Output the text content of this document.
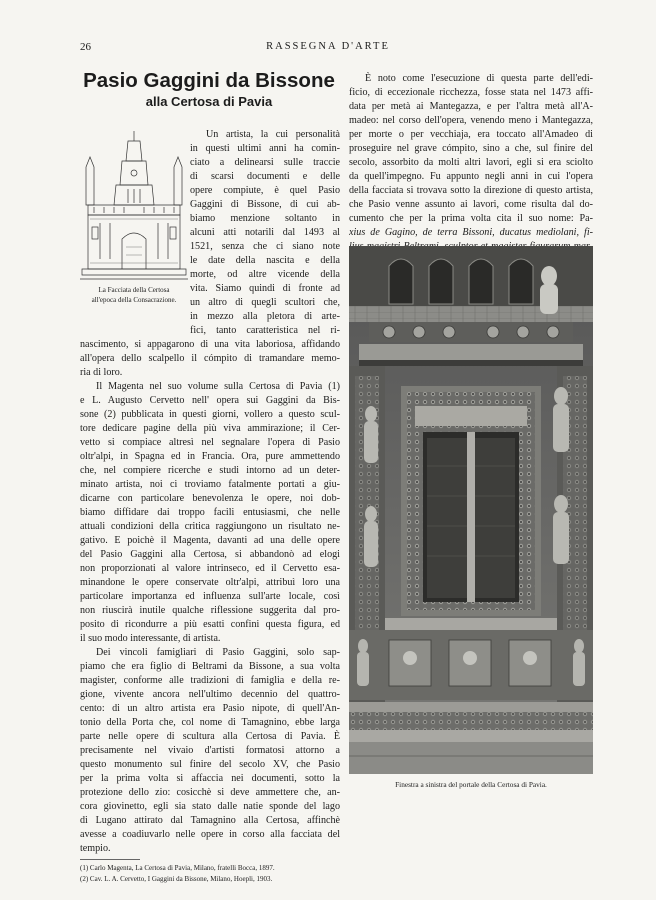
26	RASSEGNA D'ARTE
Pasio Gaggini da Bissone
alla Certosa di Pavia
La Facciata della Certosa
all'epoca della Consacrazione.
Un artista, la cui personalità
in questi ultimi anni ha comin-
ciato a delinearsi sulle traccie
di scarsi documenti e delle
opere compiute, è quel Pasio
Gaggini di Bissone, di cui ab-
biamo menzione soltanto in
alcuni atti notarili dal 1493 al
1521, senza che ci siano note
le date della nascita e della
morte, od altre vicende della
vita. Siamo quindi di fronte ad
un altro di quegli scultori che,
in mezzo alla pletora di arte-
fici, tanto caratteristica nel ri-
nascimento, si appagarono di una vita laboriosa, affidando
all'opera dello scalpello il cómpito di tramandare memo-
ria di loro.
Il Magenta nel suo volume sulla Certosa di Pavia (1)
e L. Augusto Cervetto nell' opera sui Gaggini da Bis-
sone (2) pubblicata in questi giorni, vollero a questo scul-
tore dedicare pagine della più viva ammirazione; il Cer-
vetto si compiace altresì nel segnalare l'opera di Pasio
oltr'alpi, in Spagna ed in Francia. Ora, pure ammettendo
che, nel compiere ricerche e studi intorno ad un deter-
minato artista, noi ci troviamo fatalmente portati a giu-
dicarne con particolare benevolenza le opere, noi dob-
biamo diffidare dai troppo facili entusiasmi, che nelle
attuali condizioni della critica raggiungono un risultato ne-
gativo. E poichè il Magenta, davanti ad una delle opere
del Pasio Gaggini alla Certosa, si abbandonò ad elogi
non proporzionati al valore intrinseco, ed il Cervetto esa-
minandone le opere conservate oltr'alpi, attribuì loro una
particolare importanza ed influenza sull'arte locale, così
non riuscirà inutile qualche riflessione suggerita dal pro-
posito di ricondurre a più esatti confini questa figura, ed
il suo modo interessante, di artista.
Dei vincoli famigliari di Pasio Gaggini, solo sap-
piamo che era figlio di Beltrami da Bissone, a sua volta
magister, conforme alle tradizioni di famiglia e della re-
gione, vivente ancora nell'ultimo decennio del quattro-
cento: di un altro artista era Pasio nipote, di quell'An-
tonio della Porta che, col nome di Tamagnino, ebbe larga
parte nelle opere di scultura alla Certosa di Pavia. È
precisamente nel vivaio d'artisti formatosi attorno a
questo monumento sul finire del secolo XV, che Pasio
per la prima volta si affaccia nei documenti, sotto la
protezione dello zio: cosicchè si deve ammettere che, an-
cora giovinetto, egli sia stato dalle natie sponde del lago
di Lugano attirato dal Tamagnino alla Certosa, affinchè
avesse a coadiuvarlo nelle opere in corso alla facciata del
tempio.
(1) Carlo Magenta, La Certosa di Pavia, Milano, fratelli Bocca, 1897.
(2) Cav. L. A. Cervetto, I Gaggini da Bissone, Milano, Hoepli, 1903.
È noto come l'esecuzione di questa parte dell'edi-
ficio, di eccezionale ricchezza, fosse stata nel 1473 affi-
data per metà ai Mantegazza, e per l'altra metà all'A-
madeo: nel corso dell'opera, venendo meno i Mantegazza,
per morte o per vecchiaja, era toccato all'Amadeo di
proseguire nel grave cómpito, sino a che, sul finire del
secolo, assorbito da molti altri lavori, egli si era sciolto
da quell'impegno. Fu appunto negli anni in cui l'opera
della facciata si trovava sotto la direzione di questo artista,
che Pasio venne assunto ai lavori, come risulta dal do-
cumento che per la prima volta cita il suo nome: Pa-
xius de Gagino, de terra Bissoni, ducatus mediolani, fi-
Finestra a sinistra del portale della Certosa di Pavia.
